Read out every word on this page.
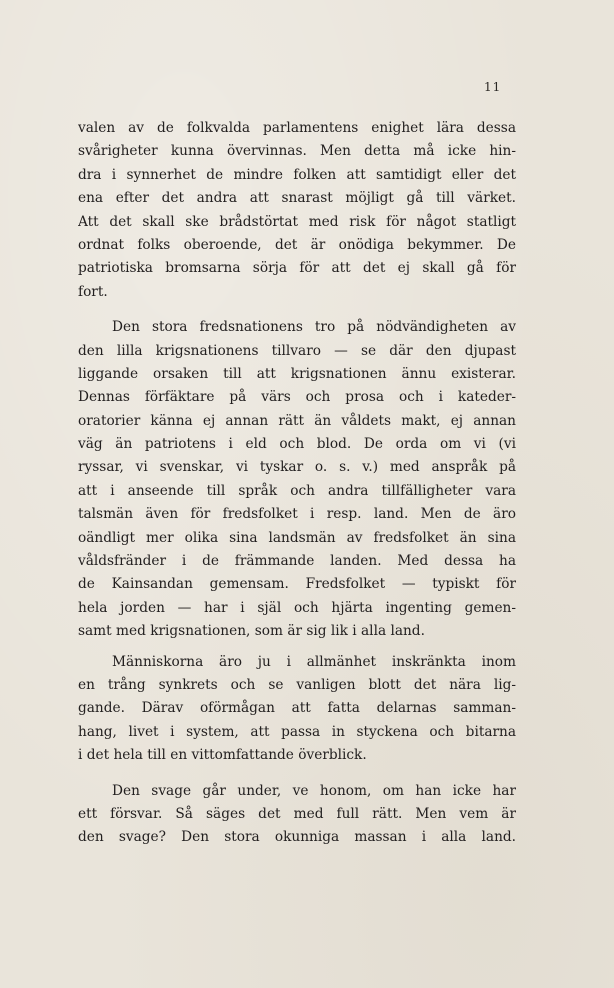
11
valen av de folkvalda parlamentens enighet lära dessa
svårigheter kunna övervinnas. Men detta må icke hin-
dra i synnerhet de mindre folken att samtidigt eller det
ena efter det andra att snarast möjligt gå till värket.
Att det skall ske brådstörtat med risk för något statligt
ordnat folks oberoende, det är onödiga bekymmer. De
patriotiska bromsarna sörja för att det ej skall gå för
fort.
Den stora fredsnationens tro på nödvändigheten av
den lilla krigsnationens tillvaro — se där den djupast
liggande orsaken till att krigsnationen ännu existerar.
Dennas förfäktare på värs och prosa och i kateder-
oratorier känna ej annan rätt än våldets makt, ej annan
väg än patriotens i eld och blod. De orda om vi (vi
ryssar, vi svenskar, vi tyskar o. s. v.) med anspråk på
att i anseende till språk och andra tillfälligheter vara
talsmän även för fredsfolket i resp. land. Men de äro
oändligt mer olika sina landsmän av fredsfolket än sina
våldsfränder i de främmande landen. Med dessa ha
de Kainsandan gemensam. Fredsfolket — typiskt för
hela jorden — har i själ och hjärta ingenting gemen-
samt med krigsnationen, som är sig lik i alla land.
Människorna äro ju i allmänhet inskränkta inom
en trång synkrets och se vanligen blott det nära lig-
gande. Därav oförmågan att fatta delarnas samman-
hang, livet i system, att passa in styckena och bitarna
i det hela till en vittomfattande överblick.
Den svage går under, ve honom, om han icke har
ett försvar. Så säges det med full rätt. Men vem är
den svage? Den stora okunniga massan i alla land.
